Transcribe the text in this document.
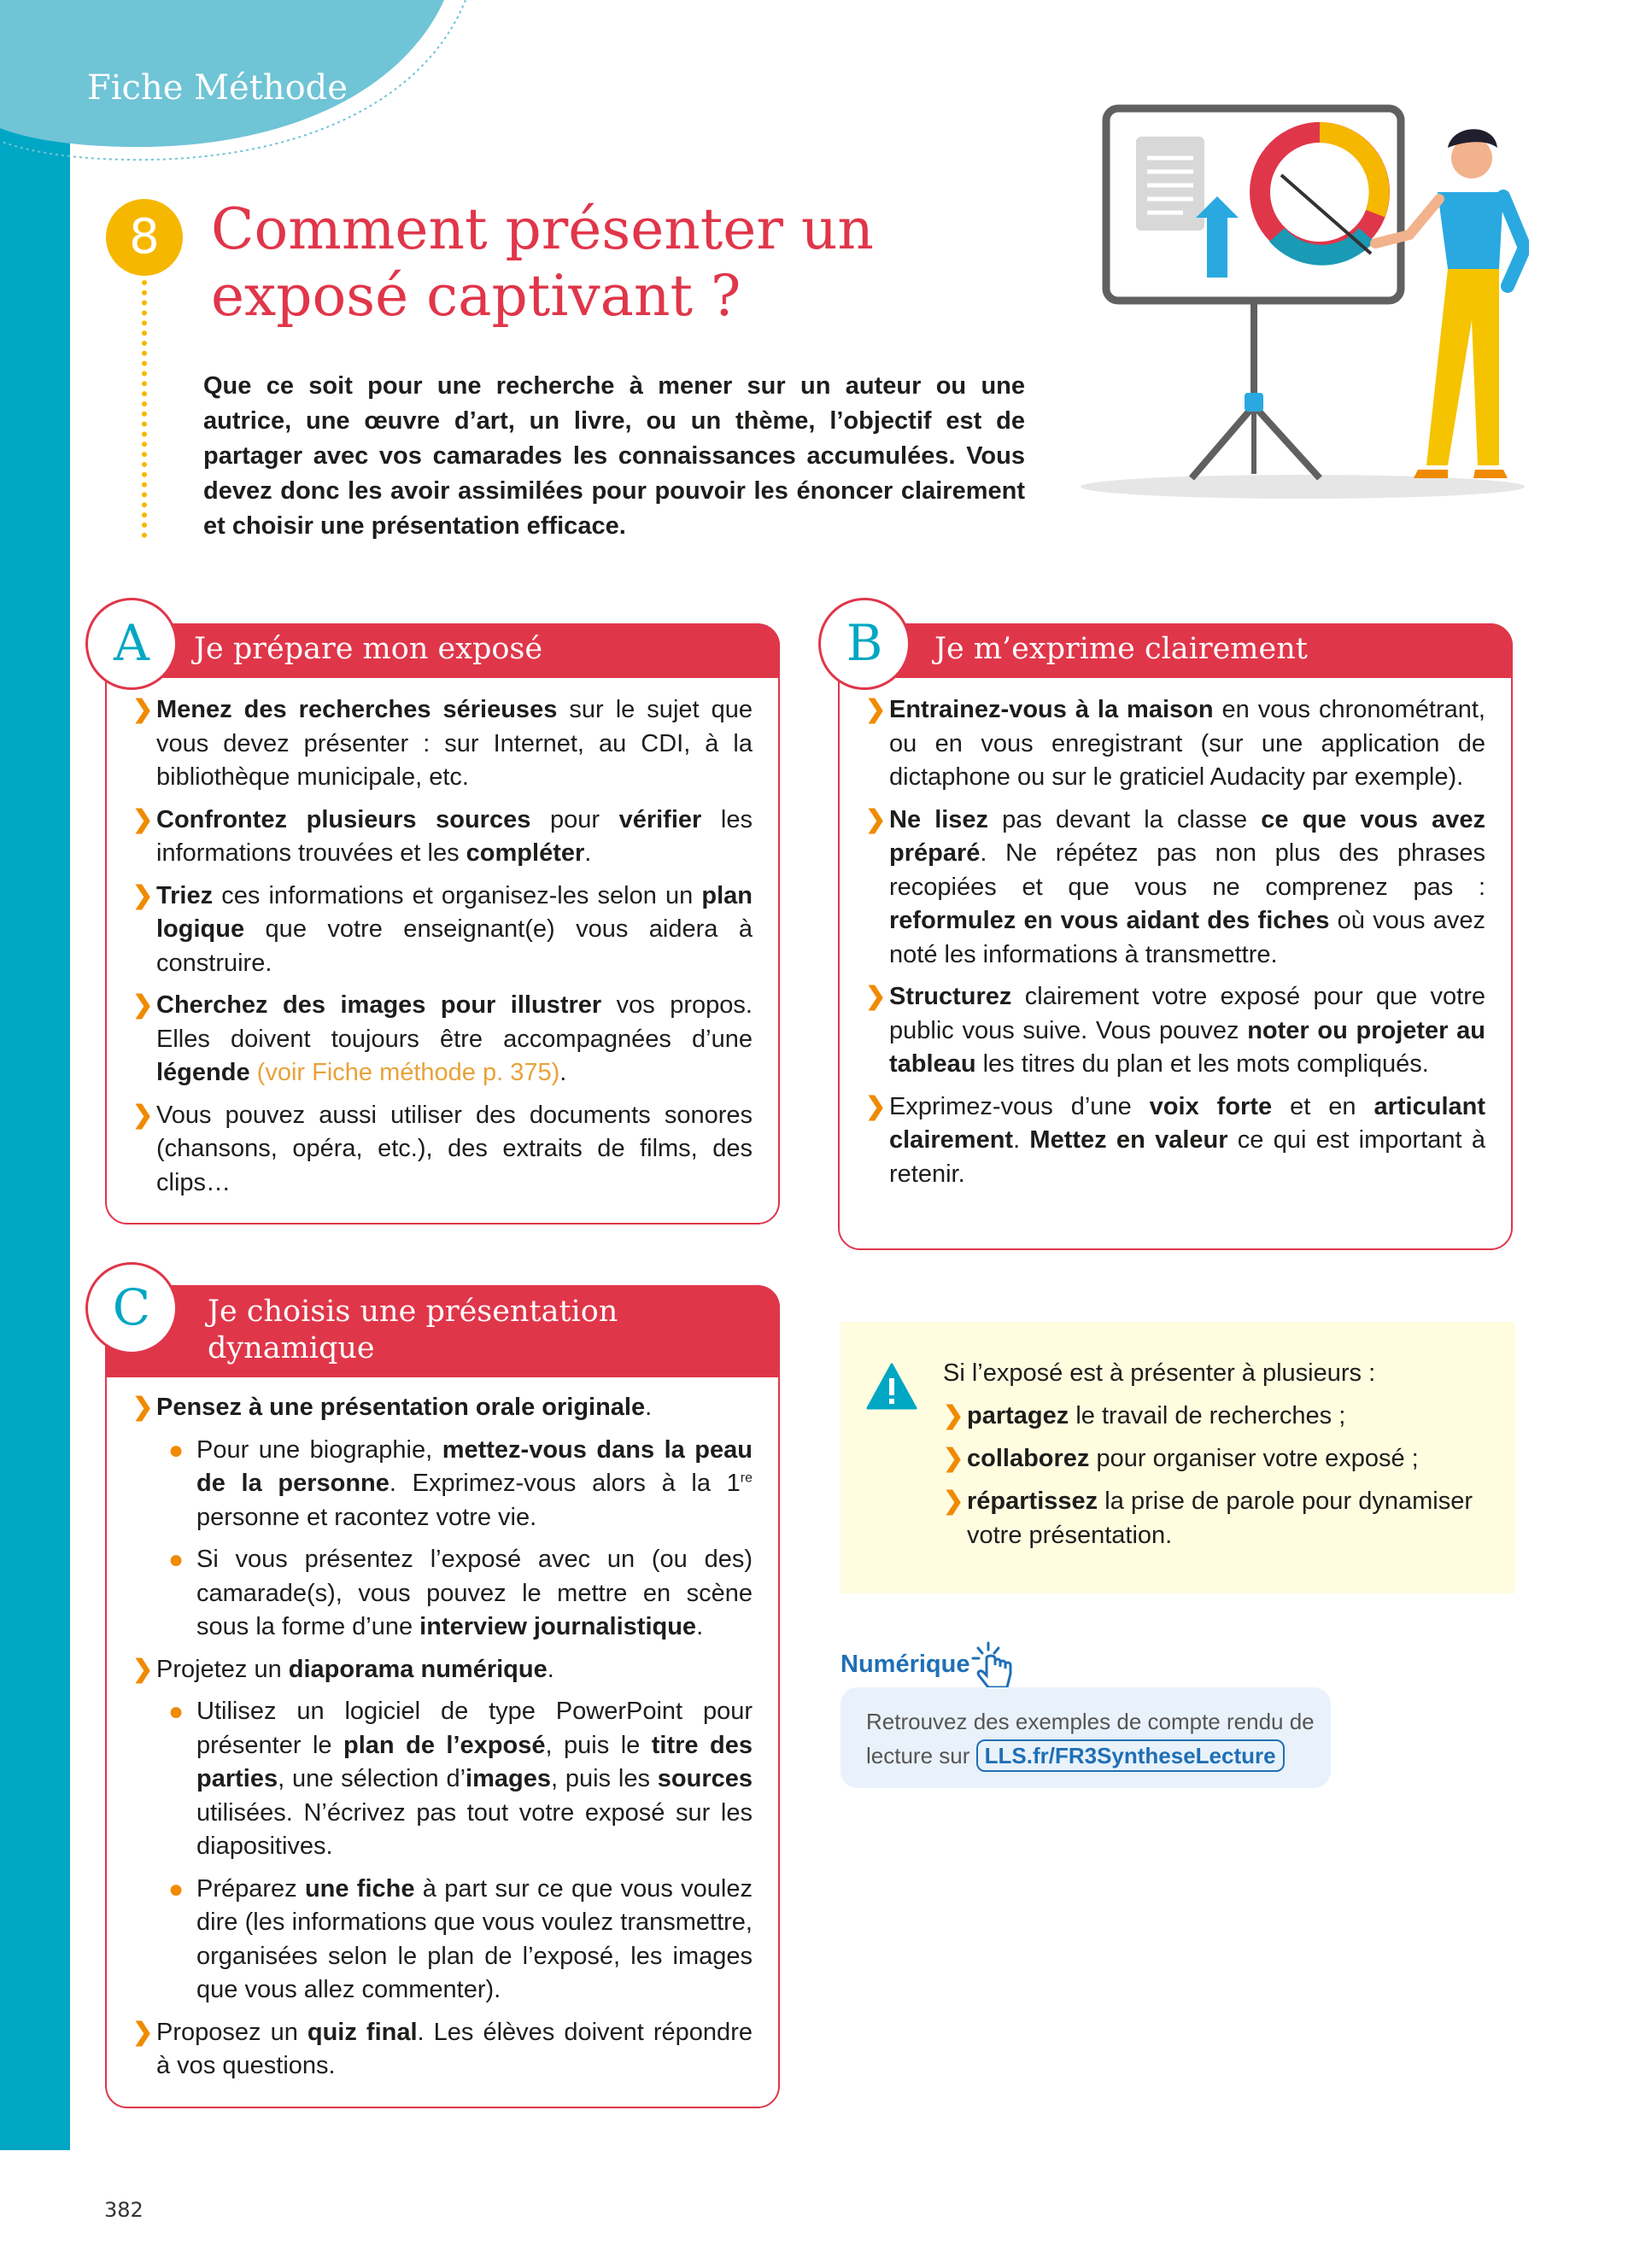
Fiche Méthode
8 Comment présenter un
exposé captivant ?

Que ce soit pour une recherche à mener sur un auteur ou une autrice, une œuvre d’art, un livre, ou un thème, l’objectif est de partager avec vos camarades les connaissances accumulées. Vous devez donc les avoir assimilées pour pouvoir les énoncer clairement et choisir une présentation efficace.

Je prépare mon exposé
❯ Menez des recherches sérieuses sur le sujet que vous devez présenter : sur Internet, au CDI, à la bibliothèque municipale, etc.
❯ Confrontez plusieurs sources pour vérifier les informations trouvées et les compléter.
❯ Triez ces informations et organisez-les selon un plan logique que votre enseignant(e) vous aidera à construire.
❯ Cherchez des images pour illustrer vos propos. Elles doivent toujours être accompagnées d’une légende (voir Fiche méthode p. 375).
❯ Vous pouvez aussi utiliser des documents sonores (chansons, opéra, etc.), des extraits de films, des clips…
A	Je m’exprime clairement
❯ Entrainez-vous à la maison en vous chronométrant, ou en vous enregistrant (sur une application de dictaphone ou sur le graticiel Audacity par exemple).
❯ Ne lisez pas devant la classe ce que vous avez préparé. Ne répétez pas non plus des phrases recopiées et que vous ne comprenez pas : reformulez en vous aidant des fiches où vous avez noté les informations à transmettre.
❯ Structurez clairement votre exposé pour que votre public vous suive. Vous pouvez noter ou projeter au tableau les titres du plan et les mots compliqués.
❯ Exprimez-vous d’une voix forte et en articulant clairement. Mettez en valeur ce qui est important à retenir.
B
Je choisis une présentation
dynamique
❯ Pensez à une présentation orale originale.
● Pour une biographie, mettez-vous dans la peau de la personne. Exprimez-vous alors à la 1re personne et racontez votre vie.
● Si vous présentez l’exposé avec un (ou des) camarade(s), vous pouvez le mettre en scène sous la forme d’une interview journalistique.
❯ Projetez un diaporama numérique.
● Utilisez un logiciel de type PowerPoint pour présenter le plan de l’exposé, puis le titre des parties, une sélection d’images, puis les sources utilisées. N’écrivez pas tout votre exposé sur les diapositives.
● Préparez une fiche à part sur ce que vous voulez dire (les informations que vous voulez transmettre, organisées selon le plan de l’exposé, les images que vous allez commenter).
❯ Proposez un quiz final. Les élèves doivent répondre à vos questions.
C
Si l’exposé est à présenter à plusieurs :
❯ partagez le travail de recherches ;
❯ collaborez pour organiser votre exposé ;
❯ répartissez la prise de parole pour dynamiser votre présentation.
Numérique
Retrouvez des exemples de compte rendu de lecture sur LLS.fr/FR3SyntheseLecture
382
